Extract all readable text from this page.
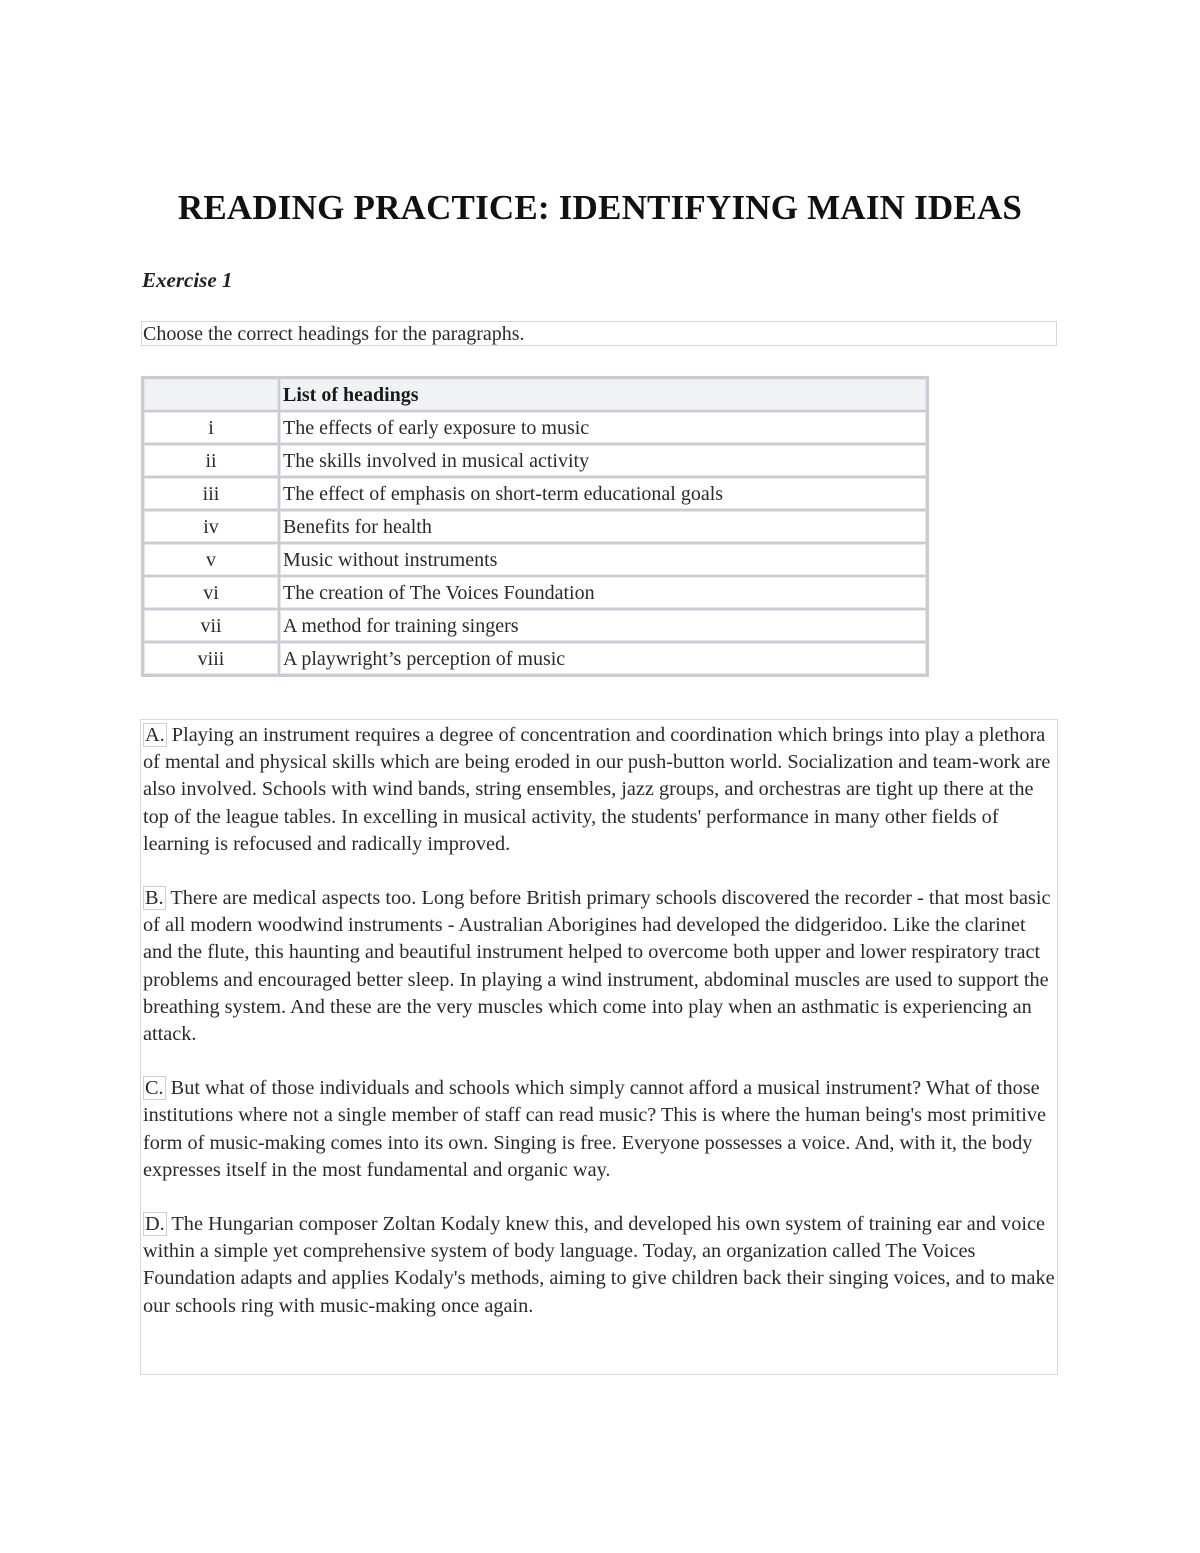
READING PRACTICE: IDENTIFYING MAIN IDEAS
Exercise 1
Choose the correct headings for the paragraphs.
	List of headings
i	The effects of early exposure to music
ii	The skills involved in musical activity
iii	The effect of emphasis on short-term educational goals
iv	Benefits for health
v	Music without instruments
vi	The creation of The Voices Foundation
vii	A method for training singers
viii	A playwright’s perception of music

A. Playing an instrument requires a degree of concentration and coordination which brings into play a plethora of mental and physical skills which are being eroded in our push-button world. Socialization and team-work are also involved. Schools with wind bands, string ensembles, jazz groups, and orchestras are tight up there at the top of the league tables. In excelling in musical activity, the students' performance in many other fields of learning is refocused and radically improved.

B. There are medical aspects too. Long before British primary schools discovered the recorder - that most basic of all modern woodwind instruments - Australian Aborigines had developed the didgeridoo. Like the clarinet and the flute, this haunting and beautiful instrument helped to overcome both upper and lower respiratory tract problems and encouraged better sleep. In playing a wind instrument, abdominal muscles are used to support the breathing system. And these are the very muscles which come into play when an asthmatic is experiencing an attack.

C. But what of those individuals and schools which simply cannot afford a musical instrument? What of those institutions where not a single member of staff can read music? This is where the human being's most primitive form of music-making comes into its own. Singing is free. Everyone possesses a voice. And, with it, the body expresses itself in the most fundamental and organic way.

D. The Hungarian composer Zoltan Kodaly knew this, and developed his own system of training ear and voice within a simple yet comprehensive system of body language. Today, an organization called The Voices Foundation adapts and applies Kodaly's methods, aiming to give children back their singing voices, and to make our schools ring with music-making once again.
